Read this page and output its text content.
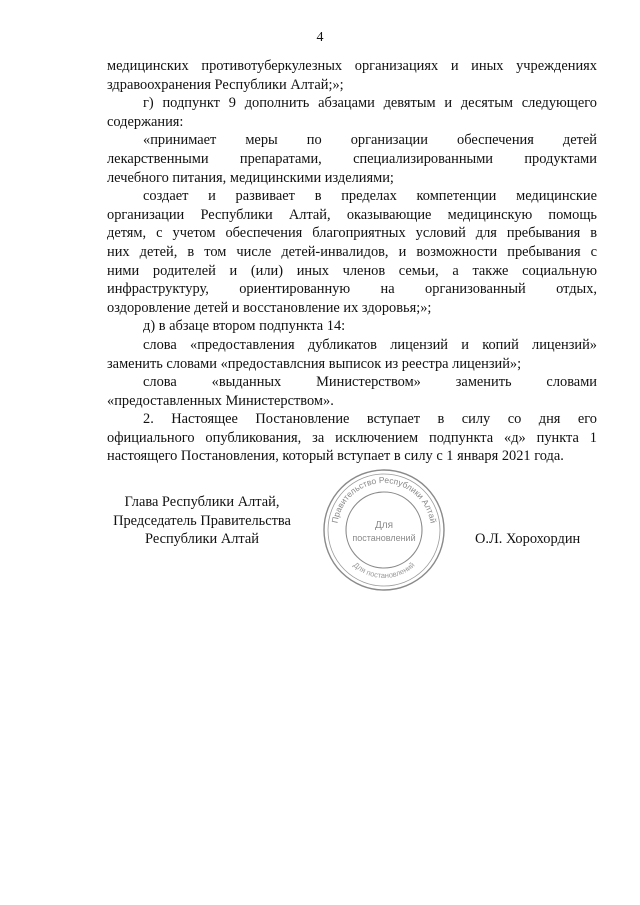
4
медицинских противотуберкулезных организациях и иных учреждениях
здравоохранения Республики Алтай;»;
г) подпункт 9 дополнить абзацами девятым и десятым следующего
содержания:
«принимает меры по организации обеспечения детей
лекарственными препаратами, специализированными продуктами
лечебного питания, медицинскими изделиями;
создает и развивает в пределах компетенции медицинские
организации Республики Алтай, оказывающие медицинскую помощь
детям, с учетом обеспечения благоприятных условий для пребывания в
них детей, в том числе детей-инвалидов, и возможности пребывания с
ними родителей и (или) иных членов семьи, а также социальную
инфраструктуру, ориентированную на организованный отдых,
оздоровление детей и восстановление их здоровья;»;
д) в абзаце втором подпункта 14:
слова «предоставления дубликатов лицензий и копий лицензий»
заменить словами «предоставлсния выписок из реестра лицензий»;
слова «выданных Министерством» заменить словами
«предоставленных Министерством».
2. Настоящее Постановление вступает в силу со дня его
официального опубликования, за исключением подпункта «д» пункта 1
настоящего Постановления, который вступает в силу с 1 января 2021 года.
Глава Республики Алтай,
Председатель Правительства
Республики Алтай
Правительство Республики Алтай
Для постановлений
Для
постановлений	О.Л. Хорохордин
